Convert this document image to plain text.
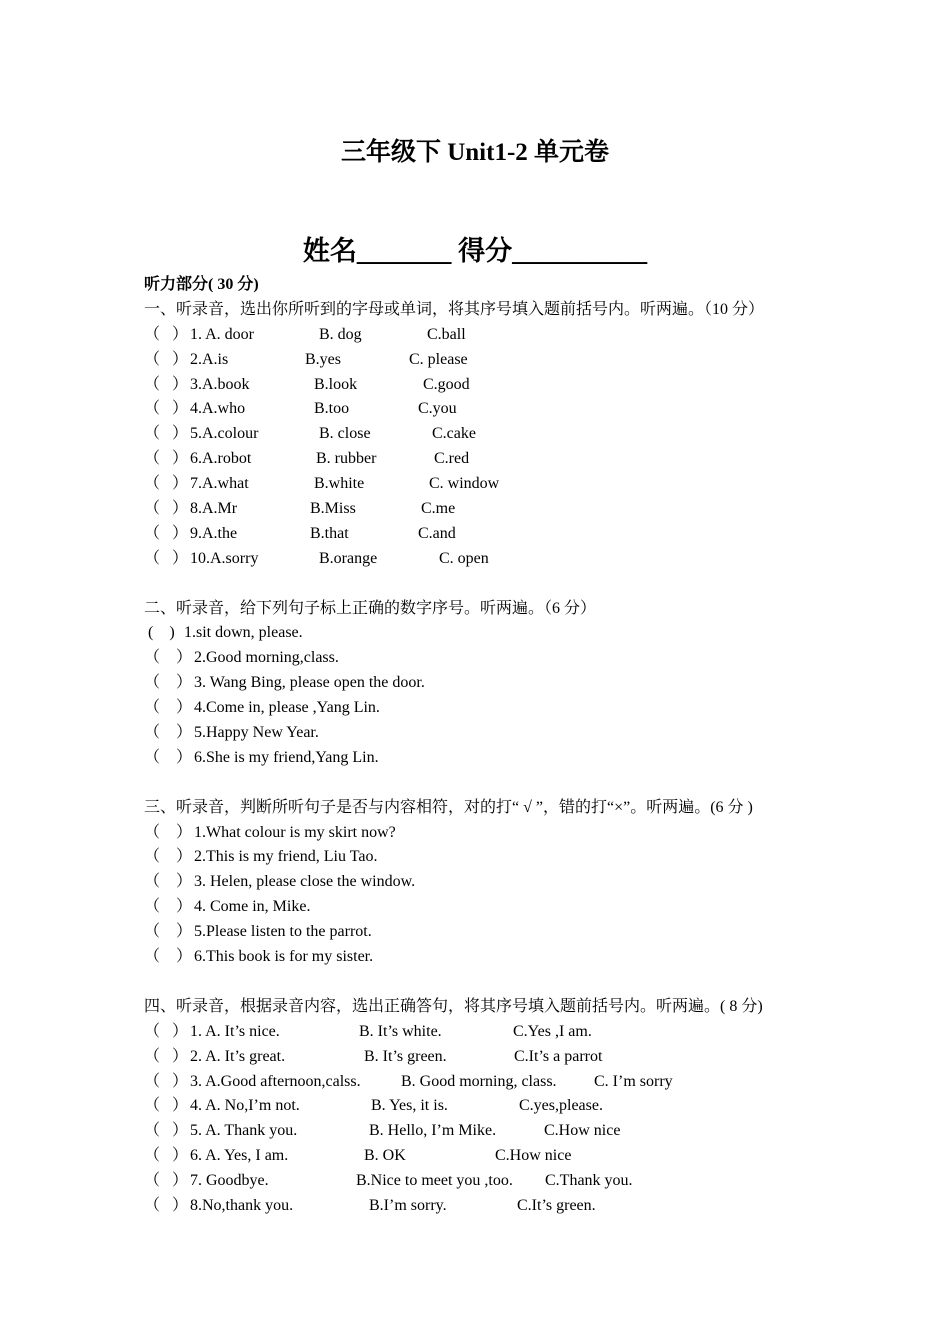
三年级下 Unit1-2 单元卷
姓名_______ 得分__________
听力部分( 30 分)
一、听录音，选出你所听到的字母或单词，将其序号填入题前括号内。听两遍。（10 分）
（   ） 1. A. door	B. dog	C.ball
（   ） 2.A.is	B.yes	C. please
（   ） 3.A.book	B.look	C.good
（   ） 4.A.who	B.too	C.you
（   ） 5.A.colour	B. close	C.cake
（   ） 6.A.robot	B. rubber	C.red
（   ） 7.A.what	B.white	C. window
（   ） 8.A.Mr	B.Miss	C.me
（   ） 9.A.the	B.that	C.and
（   ） 10.A.sorry	B.orange	C. open
二、听录音，给下列句子标上正确的数字序号。听两遍。（6 分）
(    ) 1.sit down, please.
（    ） 2.Good morning,class.
（    ） 3. Wang Bing, please open the door.
（    ） 4.Come in, please ,Yang Lin.
（    ） 5.Happy New Year.
（    ） 6.She is my friend,Yang Lin.
三、听录音，判断所听句子是否与内容相符，对的打“ √ ”，错的打“×”。听两遍。(6 分 )
（    ） 1.What colour is my skirt now?
（    ） 2.This is my friend, Liu Tao.
（    ） 3. Helen, please close the window.
（    ） 4. Come in, Mike.
（    ） 5.Please listen to the parrot.
（    ） 6.This book is for my sister.
四、听录音，根据录音内容，选出正确答句，将其序号填入题前括号内。听两遍。( 8 分)
（   ） 1. A. It’s nice.	B. It’s white.	C.Yes ,I am.
（   ） 2. A. It’s great.	B. It’s green.	C.It’s a parrot
（   ） 3. A.Good afternoon,calss.	B. Good morning, class. C. I’m sorry
（   ） 4. A. No,I’m not.	B. Yes, it is.	C.yes,please.
（   ） 5. A. Thank you.	B. Hello, I’m Mike.	C.How nice
（   ） 6. A. Yes, I am.	B. OK	C.How nice
（   ） 7. Goodbye.	B.Nice to meet you ,too. C.Thank you.
（   ） 8.No,thank you.	B.I’m sorry.	C.It’s green.
